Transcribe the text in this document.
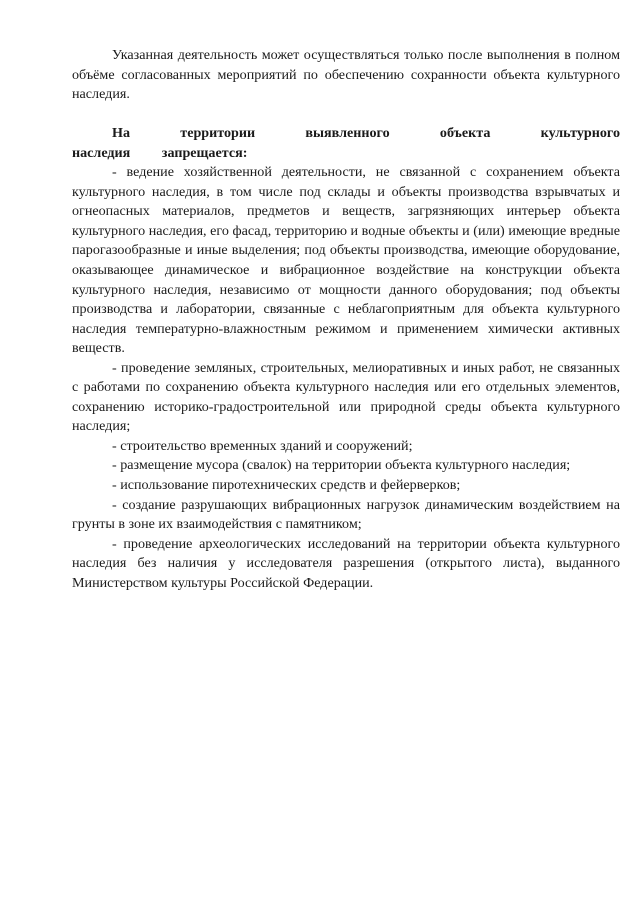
Указанная деятельность может осуществляться только после выполнения в полном объёме согласованных мероприятий по обеспечению сохранности объекта культурного наследия.

На территории выявленного объекта культурного наследия запрещается:

- ведение хозяйственной деятельности, не связанной с сохранением объекта культурного наследия, в том числе под склады и объекты производства взрывчатых и огнеопасных материалов, предметов и веществ, загрязняющих интерьер объекта культурного наследия, его фасад, территорию и водные объекты и (или) имеющие вредные парогазообразные и иные выделения; под объекты производства, имеющие оборудование, оказывающее динамическое и вибрационное воздействие на конструкции объекта культурного наследия, независимо от мощности данного оборудования; под объекты производства и лаборатории, связанные с неблагоприятным для объекта культурного наследия температурно-влажностным режимом и применением химически активных веществ.

- проведение земляных, строительных, мелиоративных и иных работ, не связанных с работами по сохранению объекта культурного наследия или его отдельных элементов, сохранению историко-градостроительной или природной среды объекта культурного наследия;

- строительство временных зданий и сооружений;

- размещение мусора (свалок) на территории объекта культурного наследия;

- использование пиротехнических средств и фейерверков;

- создание разрушающих вибрационных нагрузок динамическим воздействием на грунты в зоне их взаимодействия с памятником;

- проведение археологических исследований на территории объекта культурного наследия без наличия у исследователя разрешения (открытого листа), выданного Министерством культуры Российской Федерации.
